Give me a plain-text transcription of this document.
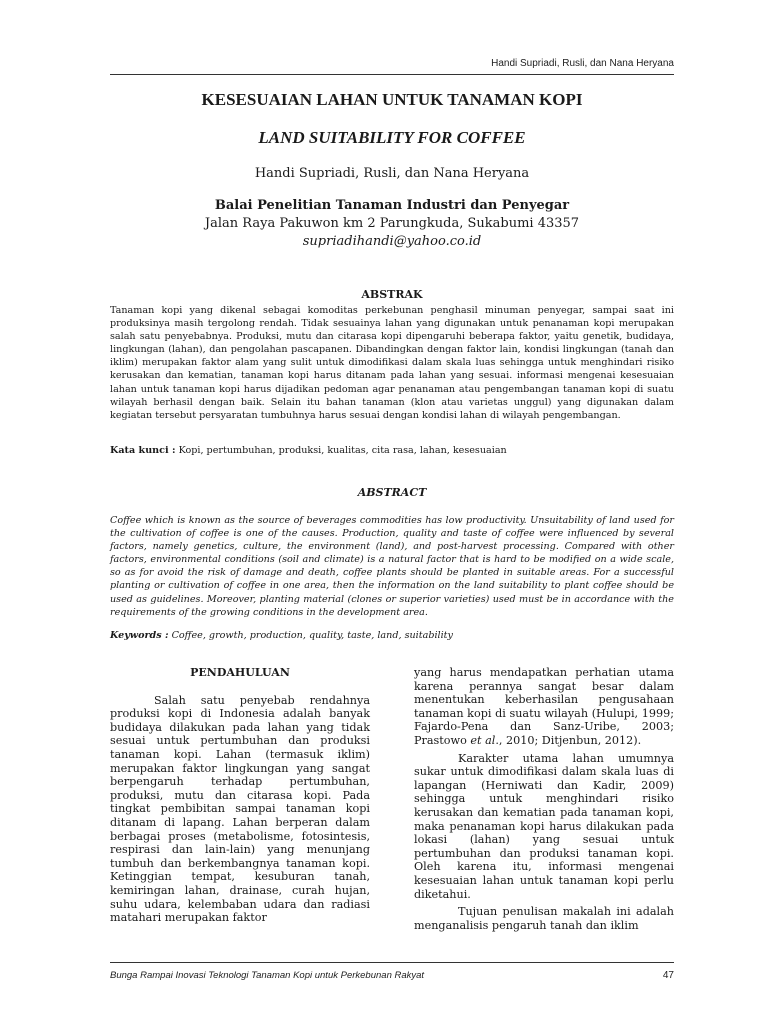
Handi Supriadi, Rusli, dan Nana Heryana
KESESUAIAN LAHAN UNTUK TANAMAN KOPI
LAND SUITABILITY FOR COFFEE
Handi Supriadi, Rusli, dan Nana Heryana
Balai Penelitian Tanaman Industri dan Penyegar
Jalan Raya Pakuwon km 2 Parungkuda, Sukabumi 43357
supriadihandi@yahoo.co.id
ABSTRAK

Tanaman kopi yang dikenal sebagai komoditas perkebunan penghasil minuman penyegar, sampai saat ini produksinya masih tergolong rendah. Tidak sesuainya lahan yang digunakan untuk penanaman kopi merupakan salah satu penyebabnya. Produksi, mutu dan citarasa kopi dipengaruhi beberapa faktor, yaitu genetik, budidaya, lingkungan (lahan), dan pengolahan pascapanen. Dibandingkan dengan faktor lain, kondisi lingkungan (tanah dan iklim) merupakan faktor alam yang sulit untuk dimodifikasi dalam skala luas sehingga untuk menghindari risiko kerusakan dan kematian, tanaman kopi harus ditanam pada lahan yang sesuai. informasi mengenai kesesuaian lahan untuk tanaman kopi harus dijadikan pedoman agar penanaman atau pengembangan tanaman kopi di suatu wilayah berhasil dengan baik. Selain itu bahan tanaman (klon atau varietas unggul) yang digunakan dalam kegiatan tersebut persyaratan tumbuhnya harus sesuai dengan kondisi lahan di wilayah pengembangan.

Kata kunci : Kopi, pertumbuhan, produksi, kualitas, cita rasa, lahan, kesesuaian
ABSTRACT

Coffee which is known as the source of beverages commodities has low productivity. Unsuitability of land used for the cultivation of coffee is one of the causes. Production, quality and taste of coffee were influenced by several factors, namely genetics, culture, the environment (land), and post-harvest processing. Compared with other factors, environmental conditions (soil and climate) is a natural factor that is hard to be modified on a wide scale, so as for avoid the risk of damage and death, coffee plants should be planted in suitable areas. For a successful planting or cultivation of coffee in one area, then the information on the land suitability to plant coffee should be used as guidelines. Moreover, planting material (clones or superior varieties) used must be in accordance with the requirements of the growing conditions in the development area.

Keywords : Coffee, growth, production, quality, taste, land, suitability
PENDAHULUAN

Salah satu penyebab rendahnya produksi kopi di Indonesia adalah banyak budidaya dilakukan pada lahan yang tidak sesuai untuk pertumbuhan dan produksi tanaman kopi. Lahan (termasuk iklim) merupakan faktor lingkungan yang sangat berpengaruh terhadap pertumbuhan, produksi, mutu dan citarasa kopi. Pada tingkat pembibitan sampai tanaman kopi ditanam di lapang. Lahan berperan dalam berbagai proses (metabolisme, fotosintesis, respirasi dan lain-lain) yang menunjang tumbuh dan berkembangnya tanaman kopi. Ketinggian tempat, kesuburan tanah, kemiringan lahan, drainase, curah hujan, suhu udara, kelembaban udara dan radiasi matahari merupakan faktor

yang harus mendapatkan perhatian utama karena perannya sangat besar dalam menentukan keberhasilan pengusahaan tanaman kopi di suatu wilayah (Hulupi, 1999; Fajardo-Pena dan Sanz-Uribe, 2003; Prastowo et al., 2010; Ditjenbun, 2012).

Karakter utama lahan umumnya sukar untuk dimodifikasi dalam skala luas di lapangan (Herniwati dan Kadir, 2009) sehingga untuk menghindari risiko kerusakan dan kematian pada tanaman kopi, maka penanaman kopi harus dilakukan pada lokasi (lahan) yang sesuai untuk pertumbuhan dan produksi tanaman kopi. Oleh karena itu, informasi mengenai kesesuaian lahan untuk tanaman kopi perlu diketahui.

Tujuan penulisan makalah ini adalah menganalisis pengaruh tanah dan iklim

Bunga Rampai Inovasi Teknologi Tanaman Kopi untuk Perkebunan Rakyat	47
